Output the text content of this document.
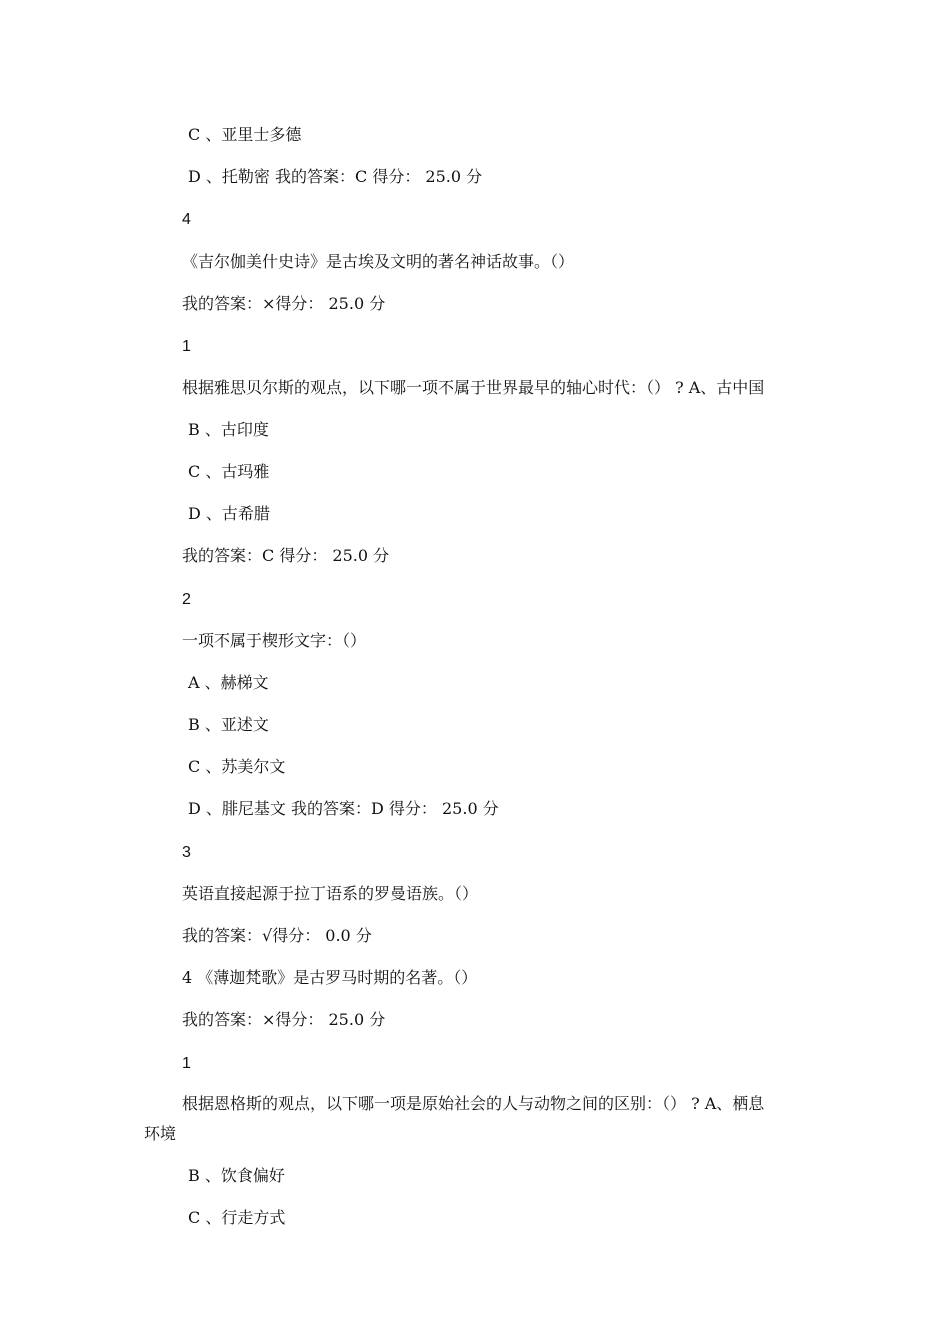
C 、亚里士多德
D 、托勒密 我的答案：C 得分： 25.0 分
4
《吉尔伽美什史诗》是古埃及文明的著名神话故事。（）
我的答案：×得分： 25.0 分
1
根据雅思贝尔斯的观点，以下哪一项不属于世界最早的轴心时代：（） ? A、古中国
B 、古印度
C 、古玛雅
D 、古希腊
我的答案：C 得分： 25.0 分
2
一项不属于楔形文字：（）
A 、赫梯文
B 、亚述文
C 、苏美尔文
D 、腓尼基文 我的答案：D 得分： 25.0 分
3
英语直接起源于拉丁语系的罗曼语族。（）
我的答案：√得分： 0.0 分
4 《薄迦梵歌》是古罗马时期的名著。（）
我的答案：×得分： 25.0 分
1
根据恩格斯的观点，以下哪一项是原始社会的人与动物之间的区别：（） ? A、栖息
环境
B 、饮食偏好
C 、行走方式
